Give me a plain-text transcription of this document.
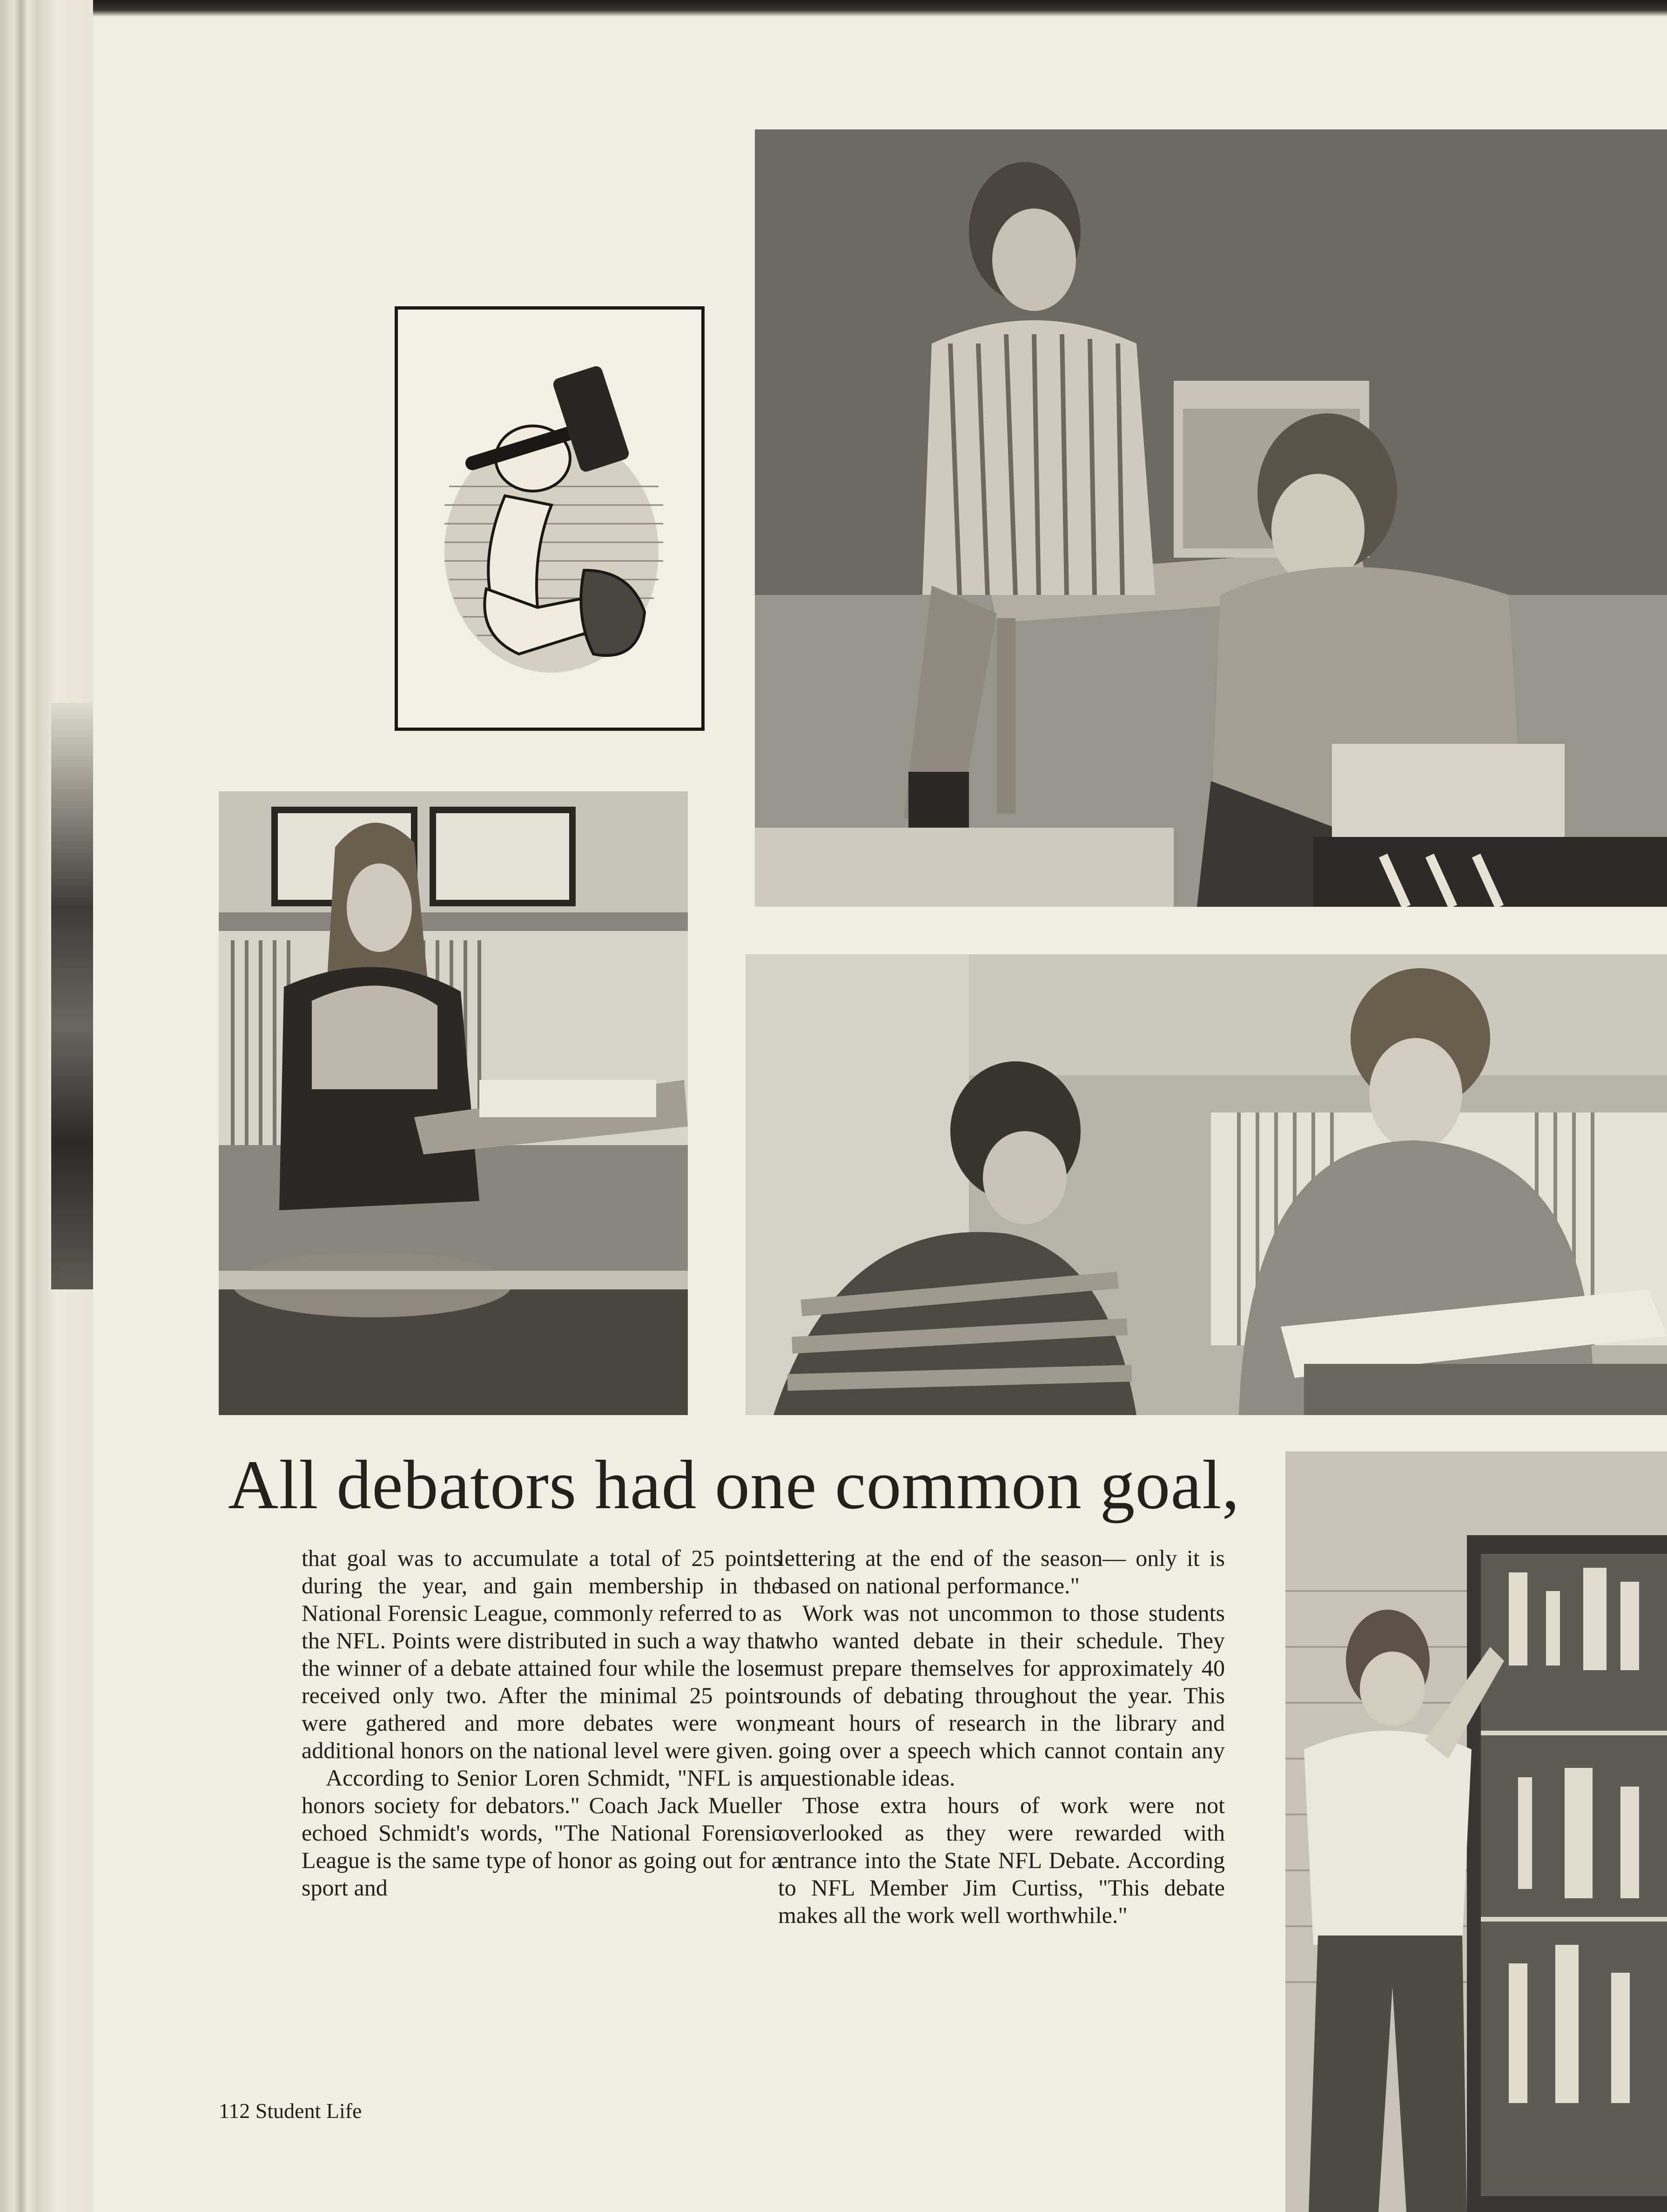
All debators had one common goal,

that goal was to accumulate a total of 25 points during the year, and gain membership in the National Forensic League, commonly referred to as the NFL. Points were distributed in such a way that the winner of a debate attained four while the loser received only two. After the minimal 25 points were gathered and more debates were won, additional honors on the national level were given.

According to Senior Loren Schmidt, "NFL is an honors society for debators." Coach Jack Mueller echoed Schmidt's words, "The National Forensic League is the same type of honor as going out for a sport and

lettering at the end of the season— only it is based on national performance."

Work was not uncommon to those students who wanted debate in their schedule. They must prepare themselves for approximately 40 rounds of debating throughout the year. This meant hours of research in the library and going over a speech which cannot contain any questionable ideas.

Those extra hours of work were not overlooked as they were rewarded with entrance into the State NFL Debate. According to NFL Member Jim Curtiss, "This debate makes all the work well worthwhile."

112 Student Life
